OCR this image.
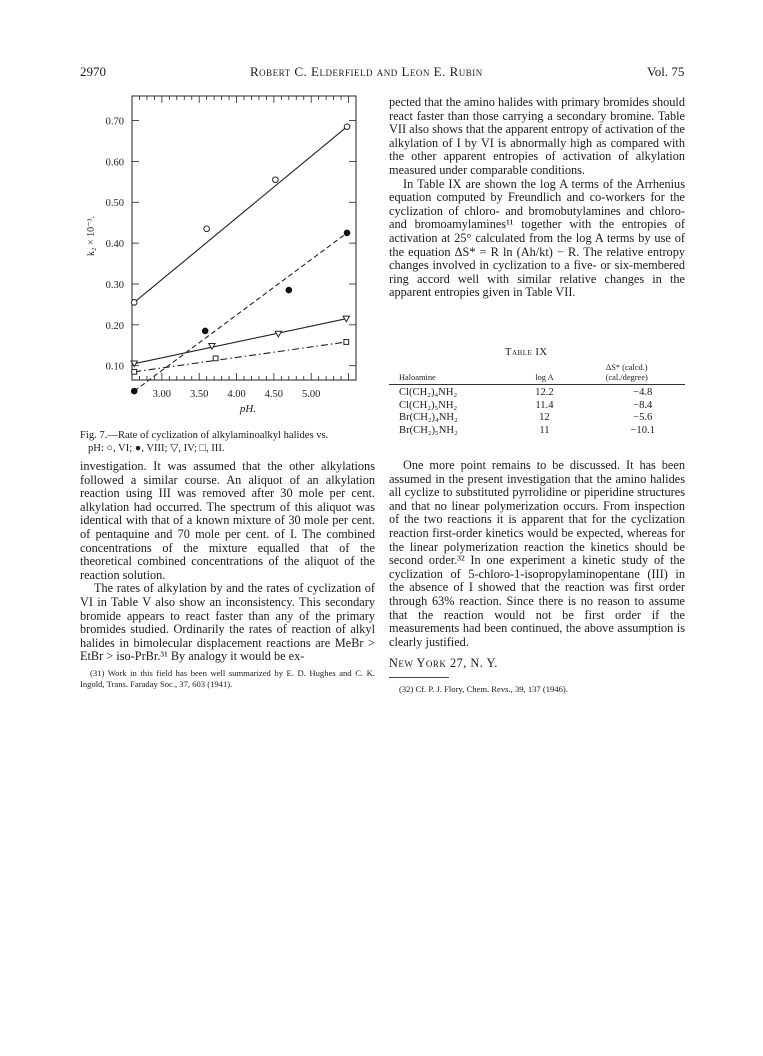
2970	Robert C. Elderfield and Leon E. Rubin	Vol. 75
3.00 3.50 4.00 4.50 5.00
0.10
0.20
0.30
0.40
0.50
0.60
0.70
pH.
k₂ × 10⁻³.
Fig. 7.—Rate of cyclization of alkylaminoalkyl halides vs.
pH: ○, VI; ●, VIII; ▽, IV; □, III.

investigation. It was assumed that the other alkylations followed a similar course. An aliquot of an alkylation reaction using III was removed after 30 mole per cent. alkylation had occurred. The spectrum of this aliquot was identical with that of a known mixture of 30 mole per cent. of pentaquine and 70 mole per cent. of I. The combined concentrations of the mixture equalled that of the theoretical combined concentrations of the aliquot of the reaction solution.

The rates of alkylation by and the rates of cyclization of VI in Table V also show an inconsistency. This secondary bromide appears to react faster than any of the primary bromides studied. Ordinarily the rates of reaction of alkyl halides in bimolecular displacement reactions are MeBr > EtBr > iso-PrBr.³¹ By analogy it would be ex-

(31) Work in this field has been well summarized by E. D. Hughes and C. K. Ingold, Trans. Faraday Soc., 37, 603 (1941).

pected that the amino halides with primary bromides should react faster than those carrying a secondary bromine. Table VII also shows that the apparent entropy of activation of the alkylation of I by VI is abnormally high as compared with the other apparent entropies of activation of alkylation measured under comparable conditions.

In Table IX are shown the log A terms of the Arrhenius equation computed by Freundlich and co-workers for the cyclization of chloro- and bromobutylamines and chloro- and bromoamylamines¹¹ together with the entropies of activation at 25° calculated from the log A terms by use of the equation ΔS* = R ln (Ah/kt) − R. The relative entropy changes involved in cyclization to a five- or six-membered ring accord well with similar relative changes in the apparent entropies given in Table VII.

Table IX
Haloamine	log A	ΔS* (calcd.)
(cal./degree)

Cl(CH₂)₄NH₂	12.2	−4.8
Cl(CH₂)₅NH₂	11.4	−8.4
Br(CH₂)₄NH₂	12	−5.6
Br(CH₂)₅NH₂	11	−10.1

One more point remains to be discussed. It has been assumed in the present investigation that the amino halides all cyclize to substituted pyrrolidine or piperidine structures and that no linear polymerization occurs. From inspection of the two reactions it is apparent that for the cyclization reaction first-order kinetics would be expected, whereas for the linear polymerization reaction the kinetics should be second order.³² In one experiment a kinetic study of the cyclization of 5-chloro-1-isopropylaminopentane (III) in the absence of I showed that the reaction was first order through 63% reaction. Since there is no reason to assume that the reaction would not be first order if the measurements had been continued, the above assumption is clearly justified.

New York 27, N. Y.

(32) Cf. P. J. Flory, Chem. Revs., 39, 137 (1946).
